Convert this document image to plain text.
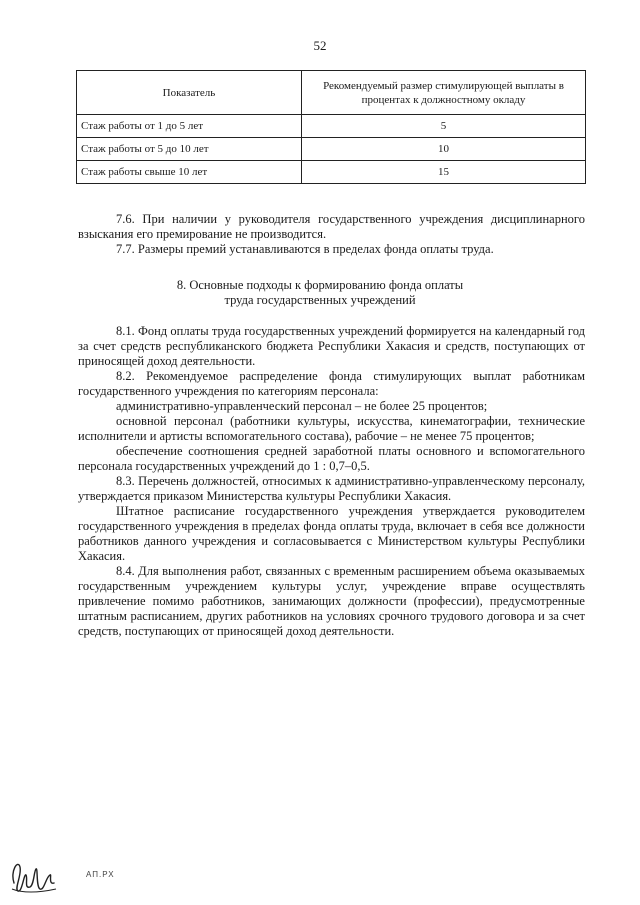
52
Показатель	Рекомендуемый размер стимулирующей выплаты в процентах к должностному окладу
Стаж работы от 1 до 5 лет	5
Стаж работы от 5 до 10 лет	10
Стаж работы свыше 10 лет	15

7.6. При наличии у руководителя государственного учреждения дисциплинарного взыскания его премирование не производится.

7.7. Размеры премий устанавливаются в пределах фонда оплаты труда.

8. Основные подходы к формированию фонда оплаты
труда государственных учреждений

8.1. Фонд оплаты труда государственных учреждений формируется на календарный год за счет средств республиканского бюджета Республики Хакасия и средств, поступающих от приносящей доход деятельности.

8.2. Рекомендуемое распределение фонда стимулирующих выплат работникам государственного учреждения по категориям персонала:

административно-управленческий персонал – не более 25 процентов;

основной персонал (работники культуры, искусства, кинематографии, технические исполнители и артисты вспомогательного состава), рабочие – не менее 75 процентов;

обеспечение соотношения средней заработной платы основного и вспомогательного персонала государственных учреждений до 1 : 0,7–0,5.

8.3. Перечень должностей, относимых к административно-управленческому персоналу, утверждается приказом Министерства культуры Республики Хакасия.

Штатное расписание государственного учреждения утверждается руководителем государственного учреждения в пределах фонда оплаты труда, включает в себя все должности работников данного учреждения и согласовывается с Министерством культуры Республики Хакасия.

8.4. Для выполнения работ, связанных с временным расширением объема оказываемых государственным учреждением культуры услуг, учреждение вправе осуществлять привлечение помимо работников, занимающих должности (профессии), предусмотренные штатным расписанием, других работников на условиях срочного трудового договора и за счет средств, поступающих от приносящей доход деятельности.

АП.РХ
